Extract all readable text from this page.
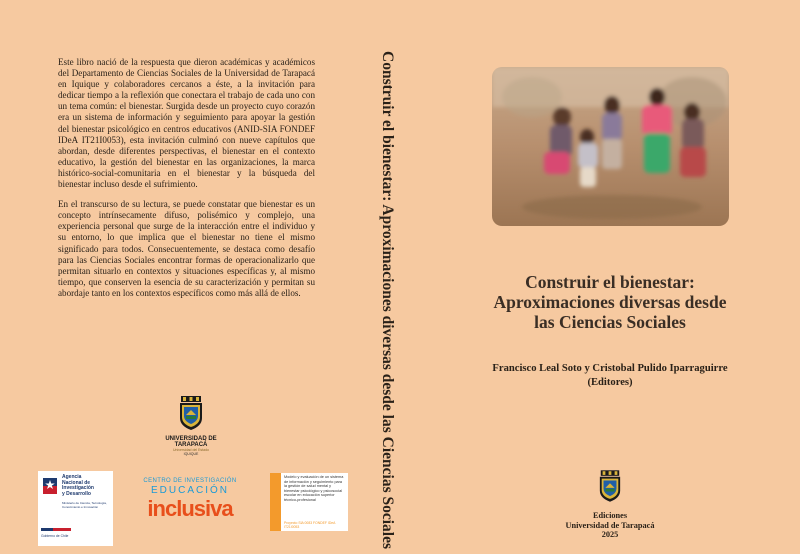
Este libro nació de la respuesta que dieron académicas y académicos del Departamento de Ciencias Sociales de la Universidad de Tarapacá en Iquique y colaboradores cercanos a éste, a la invitación para dedicar tiempo a la reflexión que conectara el trabajo de cada uno con un tema común: el bienestar. Surgida desde un proyecto cuyo corazón era un sistema de información y seguimiento para apoyar la gestión del bienestar psicológico en centros educativos (ANID-SIA FONDEF IDeA IT21I0053), esta invitación culminó con nueve capítulos que abordan, desde diferentes perspectivas, el bienestar en el contexto educativo, la gestión del bienestar en las organizaciones, la marca histórico-social-comunitaria en el bienestar y la búsqueda del bienestar incluso desde el sufrimiento.

En el transcurso de su lectura, se puede constatar que bienestar es un concepto intrínsecamente difuso, polisémico y complejo, una experiencia personal que surge de la interacción entre el individuo y su entorno, lo que implica que el bienestar no tiene el mismo significado para todos. Consecuentemente, se destaca como desafío para las Ciencias Sociales encontrar formas de operacionalizarlo que permitan situarlo en contextos y situaciones específicas y, al mismo tiempo, que conserven la esencia de su caracterización y permitan su abordaje tanto en los contextos específicos como más allá de ellos.

UNIVERSIDAD DE TARAPACÁ
Universidad del Estado
IQUIQUE
Agencia
Nacional de
Investigación
y Desarrollo
Ministerio de Ciencia, Tecnología, Conocimiento e Innovación
Gobierno de Chile
CENTRO DE INVESTIGACIÓN
EDUCACIÓN
inclusiva
Modelo y evaluación de un sistema de información y seguimiento para la gestión de salud mental y bienestar psicológico y psicosocial escolar en educación superior técnico-profesional
Proyecto SIA 0083 FONDEF IDeA IT21I0053	Construir el bienestar: Aproximaciones diversas desde las Ciencias Sociales	Construir el bienestar:
Aproximaciones diversas desde
las Ciencias Sociales
Francisco Leal Soto y Cristobal Pulido Iparraguirre
(Editores)
Ediciones
Universidad de Tarapacá
2025
